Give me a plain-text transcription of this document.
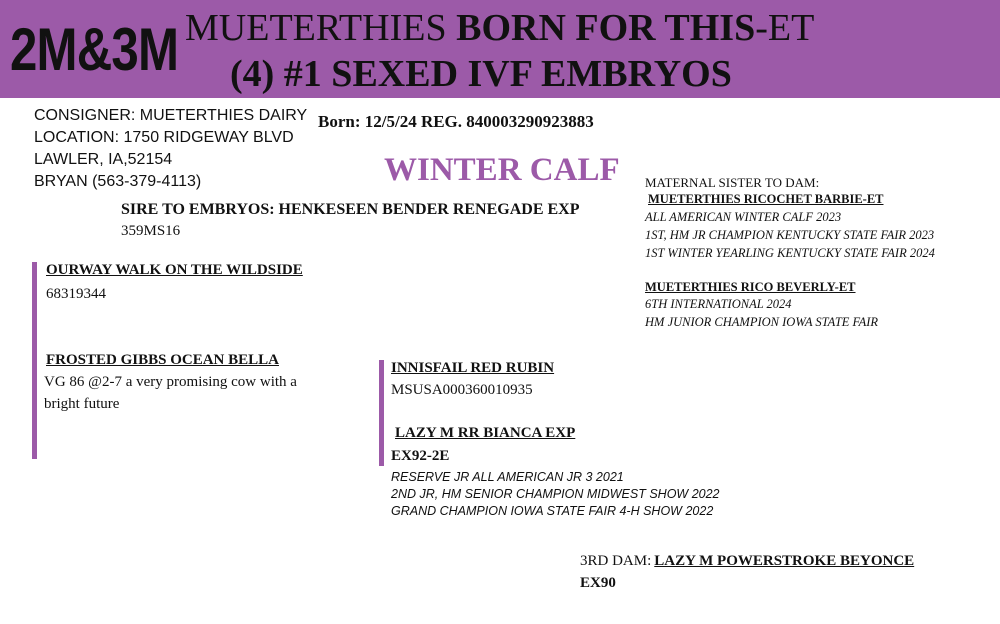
2M&3M MUETERTHIES BORN FOR THIS-ET
(4) #1 SEXED IVF EMBRYOS
CONSIGNER: MUETERTHIES DAIRY
LOCATION: 1750 RIDGEWAY BLVD
LAWLER, IA,52154
BRYAN (563-379-4113)
Born: 12/5/24 REG. 840003290923883
WINTER CALF
SIRE TO EMBRYOS: HENKESEEN BENDER RENEGADE EXP
359MS16
OURWAY WALK ON THE WILDSIDE
68319344
FROSTED GIBBS OCEAN BELLA
VG 86 @2-7 a very promising cow with a
bright future
INNISFAIL RED RUBIN
MSUSA000360010935
LAZY M RR BIANCA EXP
EX92-2E
RESERVE JR ALL AMERICAN JR 3 2021
2ND JR, HM SENIOR CHAMPION MIDWEST SHOW 2022
GRAND CHAMPION IOWA STATE FAIR 4-H SHOW 2022
3RD DAM: LAZY M POWERSTROKE BEYONCE
EX90
MATERNAL SISTER TO DAM:
MUETERTHIES RICOCHET BARBIE-ET
ALL AMERICAN WINTER CALF 2023
1ST, HM JR CHAMPION KENTUCKY STATE FAIR 2023
1ST WINTER YEARLING KENTUCKY STATE FAIR 2024
MUETERTHIES RICO BEVERLY-ET
6TH INTERNATIONAL 2024
HM JUNIOR CHAMPION IOWA STATE FAIR
